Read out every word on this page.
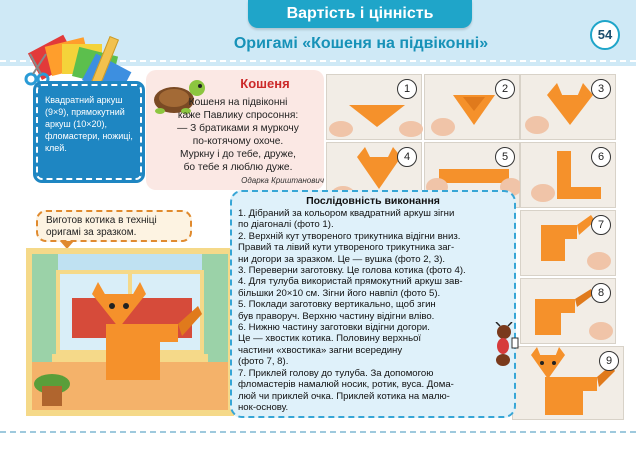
Вартість і цінність
Оригамі «Кошеня на підвіконні»
54
Квадратний аркуш (9×9), прямокутний аркуш (10×20), фломастери, ножиці, клей.
Кошеня
Кошеня на підвіконні
каже Павлику спросоння:
— З братиками я муркочу
по-котячому охоче.
Муркну і до тебе, друже,
бо тебе я люблю дуже.
Одарка Криштанович
1	2	3
4	5	6
7
8
9
Виготов котика в техніці оригамі за зразком.
Послідовність виконання
1. Дібраний за кольором квадратний аркуш зігни
по діагоналі (фото 1).
2. Верхній кут утвореного трикутника відігни вниз.
Правий та лівий кути утвореного трикутника заг-
ни догори за зразком. Це — вушка (фото 2, 3).
3. Переверни заготовку. Це голова котика (фото 4).
4. Для тулуба використай прямокутний аркуш зав-
більшки 20×10 см. Зігни його навпіл (фото 5).
5. Поклади заготовку вертикально, щоб згин
був праворуч. Верхню частину відігни вліво.
6. Нижню частину заготовки відігни догори.
Це — хвостик котика. Половину верхньої
частини «хвостика» загни всередину
(фото 7, 8).
7. Приклей голову до тулуба. За допомогою
фломастерів намалюй носик, ротик, вуса. Дома-
люй чи приклей очка. Приклей котика на малю-
нок-основу.
